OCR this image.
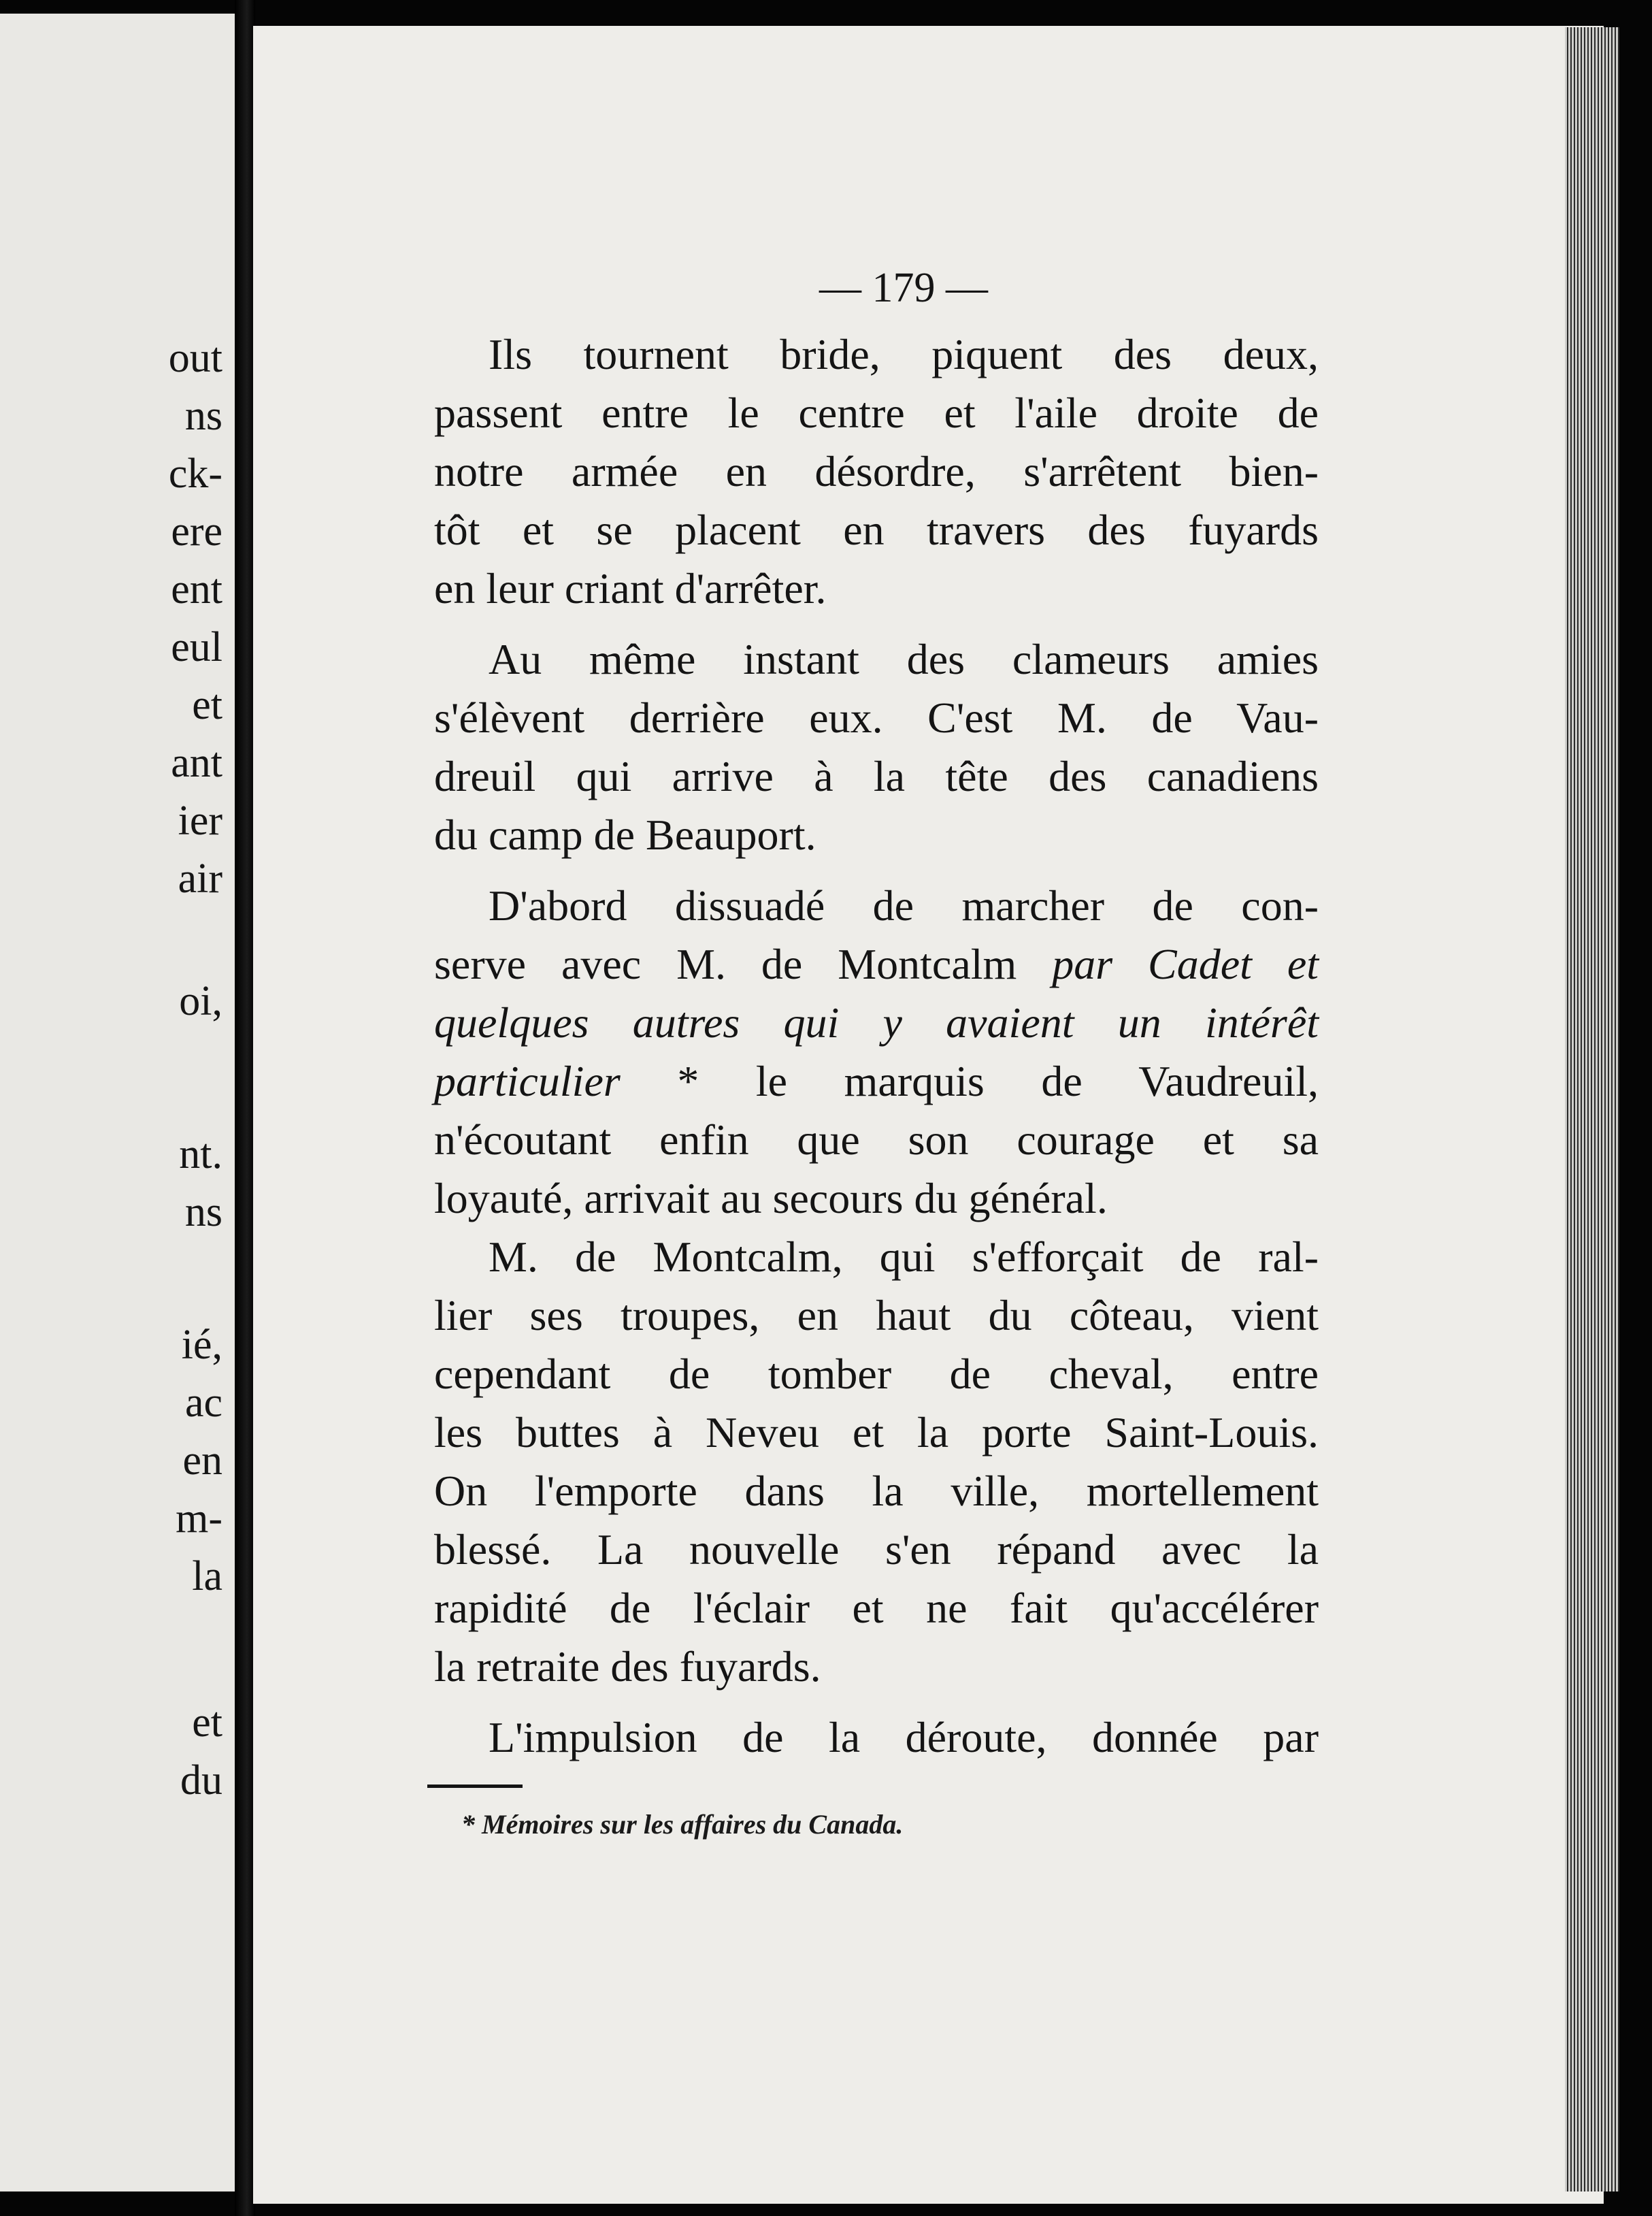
out
ns
ck-
ere
ent
eul
et
ant
ier
air
oi,
nt.
ns
ié,
ac
en
m-
la
et
du
— 179 —

Ils tournent bride, piquent des deux,
passent entre le centre et l'aile droite de
notre armée en désordre, s'arrêtent bien-
tôt et se placent en travers des fuyards
en leur criant d'arrêter.

Au même instant des clameurs amies
s'élèvent derrière eux. C'est M. de Vau-
dreuil qui arrive à la tête des canadiens
du camp de Beauport.

D'abord dissuadé de marcher de con-
serve avec M. de Montcalm par Cadet et
quelques autres qui y avaient un intérêt
particulier * le marquis de Vaudreuil,
n'écoutant enfin que son courage et sa
loyauté, arrivait au secours du général.

M. de Montcalm, qui s'efforçait de ral-
lier ses troupes, en haut du côteau, vient
cependant de tomber de cheval, entre
les buttes à Neveu et la porte Saint-Louis.
On l'emporte dans la ville, mortellement
blessé. La nouvelle s'en répand avec la
rapidité de l'éclair et ne fait qu'accélérer
la retraite des fuyards.

L'impulsion de la déroute, donnée par

* Mémoires sur les affaires du Canada.
